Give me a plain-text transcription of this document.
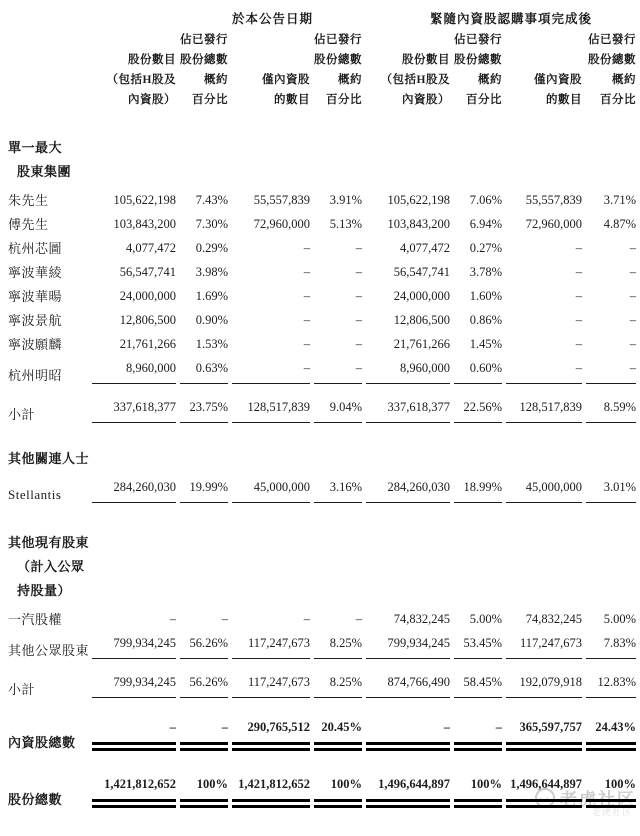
老虎社区
老虎社区
	於本公告日期				緊隨內資股認購事項完成後			
		佔已發行		佔已發行		佔已發行		佔已發行
	股份數目	股份總數		股份總數	股份數目	股份總數		股份總數
	（包括H股及	概約	僅內資股	概約	（包括H股及	概約	僅內資股	概約
	內資股）	百分比	的數目	百分比	內資股）	百分比	的數目	百分比

單一最大
股東集團								

朱先生	105,622,198	7.43%	55,557,839	3.91%	105,622,198	7.06%	55,557,839	3.71%
傅先生	103,843,200	7.30%	72,960,000	5.13%	103,843,200	6.94%	72,960,000	4.87%
杭州芯圖	4,077,472	0.29%	–	–	4,077,472	0.27%	–	–
寧波華綾	56,547,741	3.98%	–	–	56,547,741	3.78%	–	–
寧波華暘	24,000,000	1.69%	–	–	24,000,000	1.60%	–	–
寧波景航	12,806,500	0.90%	–	–	12,806,500	0.86%	–	–
寧波願麟	21,761,266	1.53%	–	–	21,761,266	1.45%	–	–
杭州明昭	8,960,000	0.63%	–	–	8,960,000	0.60%	–	–
小計	337,618,377	23.75%	128,517,839	9.04%	337,618,377	22.56%	128,517,839	8.59%

其他關連人士								

Stellantis	284,260,030	19.99%	45,000,000	3.16%	284,260,030	18.99%	45,000,000	3.01%

其他現有股東
（計入公眾
持股量）								

一汽股權	–	–	–	–	74,832,245	5.00%	74,832,245	5.00%
其他公眾股東	799,934,245	56.26%	117,247,673	8.25%	799,934,245	53.45%	117,247,673	7.83%
小計	799,934,245	56.26%	117,247,673	8.25%	874,766,490	58.45%	192,079,918	12.83%
內資股總數	–	–	290,765,512	20.45%	–	–	365,597,757	24.43%
股份總數	1,421,812,652	100%	1,421,812,652	100%	1,496,644,897	100%	1,496,644,897	100%
